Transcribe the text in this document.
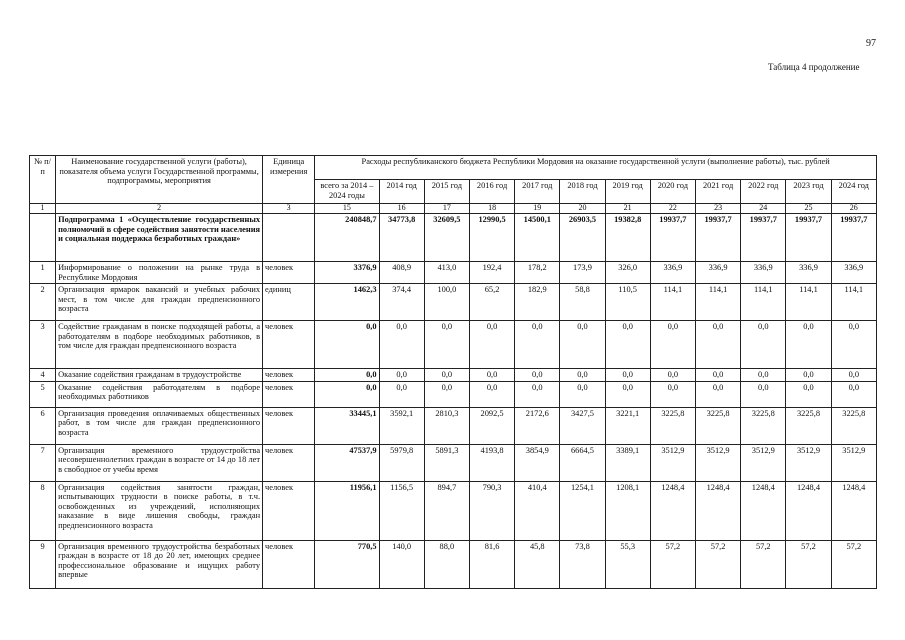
97
Таблица 4 продолжение
№ п/п	Наименование государственной услуги (работы), показателя объема услуги Государственной программы, подпрограммы, мероприятия	Единица измерения	Расходы республиканского бюджета Республики Мордовия на оказание государственной услуги (выполнение работы), тыс. рублей											
			всего за 2014 – 2024 годы	2014 год	2015 год	2016 год	2017 год	2018 год	2019 год	2020 год	2021 год	2022 год	2023 год	2024 год
1	2	3	15	16	17	18	19	20	21	22	23	24	25	26
	Подпрограмма 1 «Осуществление государственных полномочий в сфере содействия занятости населения и социальная поддержка безработных граждан»		240848,7	34773,8	32609,5	12990,5	14500,1	26903,5	19382,8	19937,7	19937,7	19937,7	19937,7	19937,7
1	Информирование о положении на рынке труда в Республике Мордовия	человек	3376,9	408,9	413,0	192,4	178,2	173,9	326,0	336,9	336,9	336,9	336,9	336,9
2	Организация ярмарок вакансий и учебных рабочих мест, в том числе для граждан предпенсионного возраста	единиц	1462,3	374,4	100,0	65,2	182,9	58,8	110,5	114,1	114,1	114,1	114,1	114,1
3	Содействие гражданам в поиске подходящей работы, а работодателям в подборе необходимых работников, в том числе для граждан предпенсионного возраста	человек	0,0	0,0	0,0	0,0	0,0	0,0	0,0	0,0	0,0	0,0	0,0	0,0
4	Оказание содействия гражданам в трудоустройстве	человек	0,0	0,0	0,0	0,0	0,0	0,0	0,0	0,0	0,0	0,0	0,0	0,0
5	Оказание содействия работодателям в подборе необходимых работников	человек	0,0	0,0	0,0	0,0	0,0	0,0	0,0	0,0	0,0	0,0	0,0	0,0
6	Организация проведения оплачиваемых общественных работ, в том числе для граждан предпенсионного возраста	человек	33445,1	3592,1	2810,3	2092,5	2172,6	3427,5	3221,1	3225,8	3225,8	3225,8	3225,8	3225,8
7	Организация временного трудоустройства несовершеннолетних граждан в возрасте от 14 до 18 лет в свободное от учебы время	человек	47537,9	5979,8	5891,3	4193,8	3854,9	6664,5	3389,1	3512,9	3512,9	3512,9	3512,9	3512,9
8	Организация содействия занятости граждан, испытывающих трудности в поиске работы, в т.ч. освобожденных из учреждений, исполняющих наказание в виде лишения свободы, граждан предпенсионного возраста	человек	11956,1	1156,5	894,7	790,3	410,4	1254,1	1208,1	1248,4	1248,4	1248,4	1248,4	1248,4
9	Организация временного трудоустройства безработных граждан в возрасте от 18 до 20 лет, имеющих среднее профессиональное образование и ищущих работу впервые	человек	770,5	140,0	88,0	81,6	45,8	73,8	55,3	57,2	57,2	57,2	57,2	57,2
